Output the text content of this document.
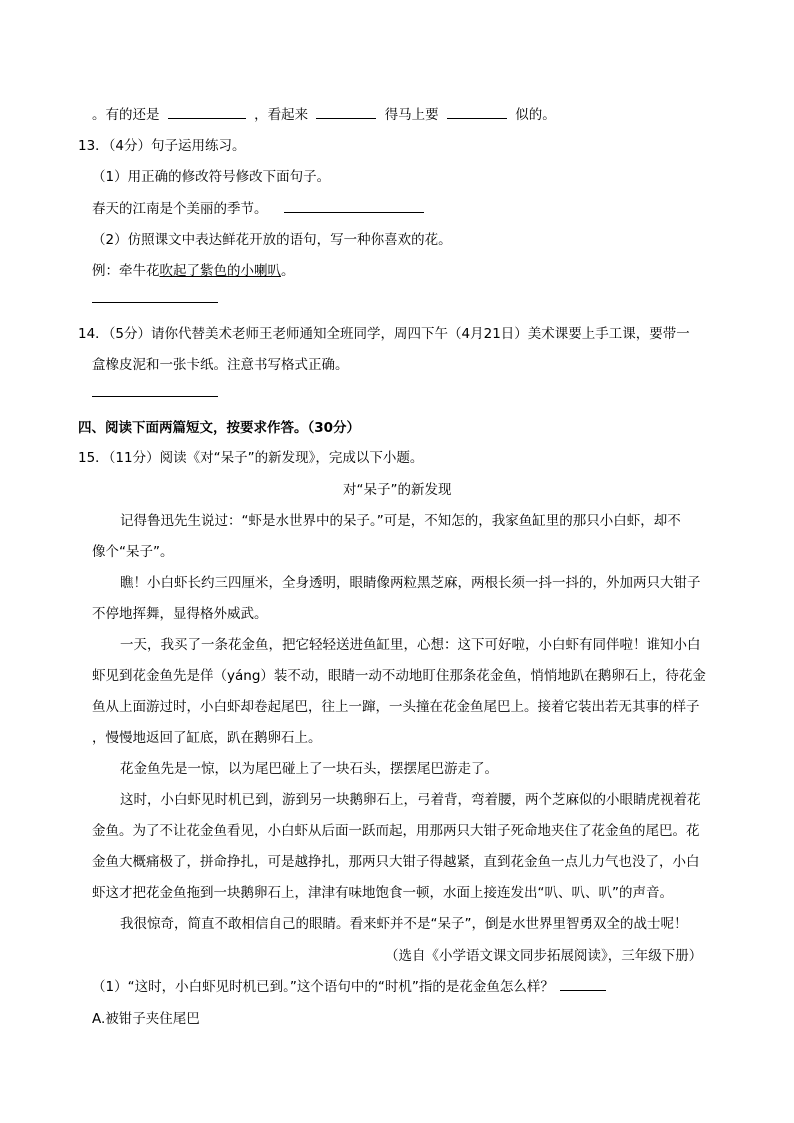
。有的还是	，看起来	得马上要	似的。
13．（4分）句子运用练习。
（1）用正确的修改符号修改下面句子。
春天的江南是个美丽的季节。
（2）仿照课文中表达鲜花开放的语句，写一种你喜欢的花。
例：牵牛花吹起了紫色的小喇叭。
14．（5分）请你代替美术老师王老师通知全班同学，周四下午（4月21日）美术课要上手工课，要带一
盒橡皮泥和一张卡纸。注意书写格式正确。
四、阅读下面两篇短文，按要求作答。（30分）
15．（11分）阅读《对“呆子”的新发现》，完成以下小题。
对“呆子”的新发现
记得鲁迅先生说过：“虾是水世界中的呆子。”可是，不知怎的，我家鱼缸里的那只小白虾，却不
像个“呆子”。
瞧！小白虾长约三四厘米，全身透明，眼睛像两粒黑芝麻，两根长须一抖一抖的，外加两只大钳子
不停地挥舞，显得格外威武。
一天，我买了一条花金鱼，把它轻轻送进鱼缸里，心想：这下可好啦，小白虾有同伴啦！谁知小白
虾见到花金鱼先是佯（yáng）装不动，眼睛一动不动地盯住那条花金鱼，悄悄地趴在鹅卵石上，待花金
鱼从上面游过时，小白虾却卷起尾巴，往上一蹿，一头撞在花金鱼尾巴上。接着它装出若无其事的样子
，慢慢地返回了缸底，趴在鹅卵石上。
花金鱼先是一惊，以为尾巴碰上了一块石头，摆摆尾巴游走了。
这时，小白虾见时机已到，游到另一块鹅卵石上，弓着背，弯着腰，两个芝麻似的小眼睛虎视着花
金鱼。为了不让花金鱼看见，小白虾从后面一跃而起，用那两只大钳子死命地夹住了花金鱼的尾巴。花
金鱼大概痛极了，拼命挣扎，可是越挣扎，那两只大钳子得越紧，直到花金鱼一点儿力气也没了，小白
虾这才把花金鱼拖到一块鹅卵石上，津津有味地饱食一顿，水面上接连发出“叭、叭、叭”的声音。
我很惊奇，简直不敢相信自己的眼睛。看来虾并不是“呆子”，倒是水世界里智勇双全的战士呢！
（选自《小学语文课文同步拓展阅读》，三年级下册）
（1）“这时，小白虾见时机已到。”这个语句中的“时机”指的是花金鱼怎么样？
A.被钳子夹住尾巴
